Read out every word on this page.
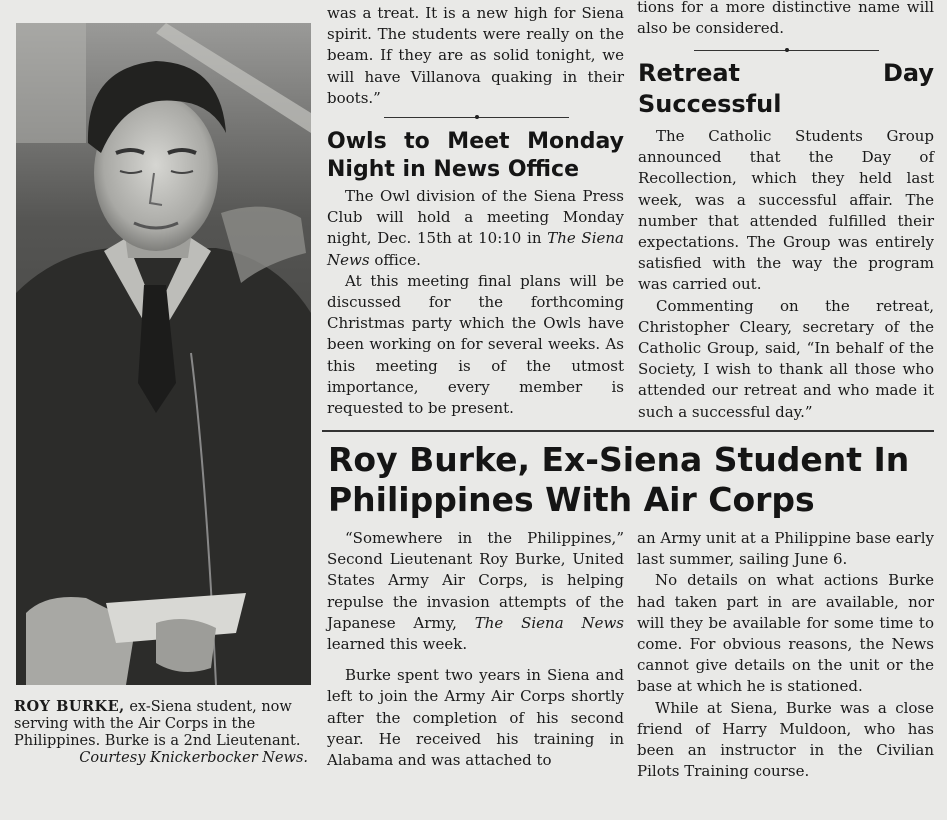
ROY BURKE, ex-Siena student, now serving with the Air Corps in the Philippines. Burke is a 2nd Lieutenant.
Courtesy Knickerbocker News.

was a treat. It is a new high for Siena spirit. The students were really on the beam. If they are as solid tonight, we will have Villanova quaking in their boots.”

Owls to Meet Monday Night in News Office

The Owl division of the Siena Press Club will hold a meeting Monday night, Dec. 15th at 10:10 in The Siena News office.

At this meeting final plans will be discussed for the forthcoming Christmas party which the Owls have been working on for several weeks. As this meeting is of the utmost importance, every member is requested to be present.

tions for a more distinctive name will also be considered.

Retreat Day Successful

The Catholic Students Group announced that the Day of Recollection, which they held last week, was a successful affair. The number that attended fulfilled their expectations. The Group was entirely satisfied with the way the program was carried out.

Commenting on the retreat, Christopher Cleary, secretary of the Catholic Group, said, “In behalf of the Society, I wish to thank all those who attended our retreat and who made it such a successful day.”

Roy Burke, Ex-Siena Student In Philippines With Air Corps

“Somewhere in the Philippines,” Second Lieutenant Roy Burke, United States Army Air Corps, is helping repulse the invasion attempts of the Japanese Army, The Siena News learned this week.

Burke spent two years in Siena and left to join the Army Air Corps shortly after the completion of his second year. He received his training in Alabama and was attached to

an Army unit at a Philippine base early last summer, sailing June 6.

No details on what actions Burke had taken part in are available, nor will they be available for some time to come. For obvious reasons, the News cannot give details on the unit or the base at which he is stationed.

While at Siena, Burke was a close friend of Harry Muldoon, who has been an instructor in the Civilian Pilots Training course.
